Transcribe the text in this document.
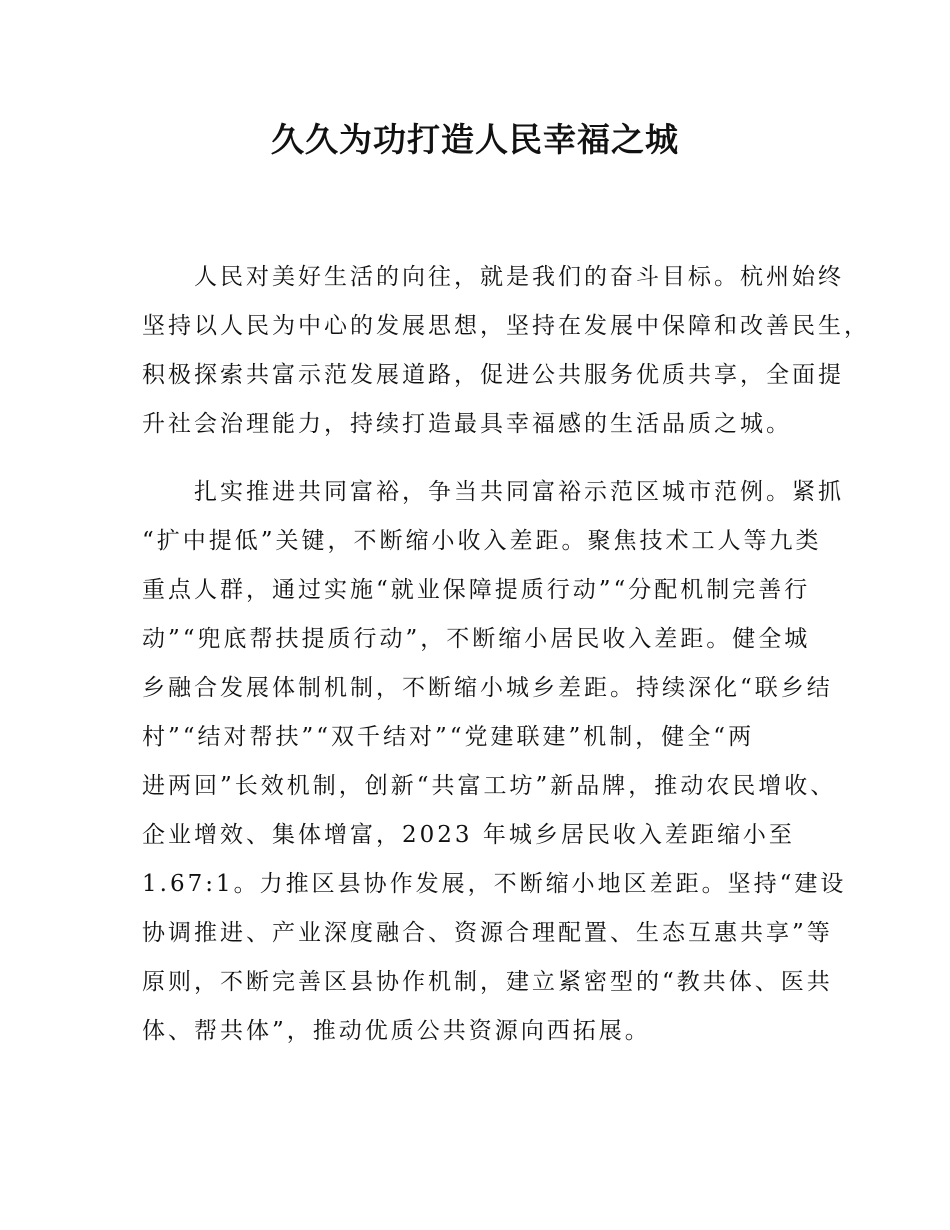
久久为功打造人民幸福之城
人民对美好生活的向往，就是我们的奋斗目标。杭州始终
坚持以人民为中心的发展思想，坚持在发展中保障和改善民生，
积极探索共富示范发展道路，促进公共服务优质共享，全面提
升社会治理能力，持续打造最具幸福感的生活品质之城。
扎实推进共同富裕，争当共同富裕示范区城市范例。紧抓
“扩中提低”关键，不断缩小收入差距。聚焦技术工人等九类
重点人群，通过实施“就业保障提质行动”“分配机制完善行
动”“兜底帮扶提质行动”，不断缩小居民收入差距。健全城
乡融合发展体制机制，不断缩小城乡差距。持续深化“联乡结
村”“结对帮扶”“双千结对”“党建联建”机制，健全“两
进两回”长效机制，创新“共富工坊”新品牌，推动农民增收、
企业增效、集体增富，2023 年城乡居民收入差距缩小至
1.67:1。力推区县协作发展，不断缩小地区差距。坚持“建设
协调推进、产业深度融合、资源合理配置、生态互惠共享”等
原则，不断完善区县协作机制，建立紧密型的“教共体、医共
体、帮共体”，推动优质公共资源向西拓展。
